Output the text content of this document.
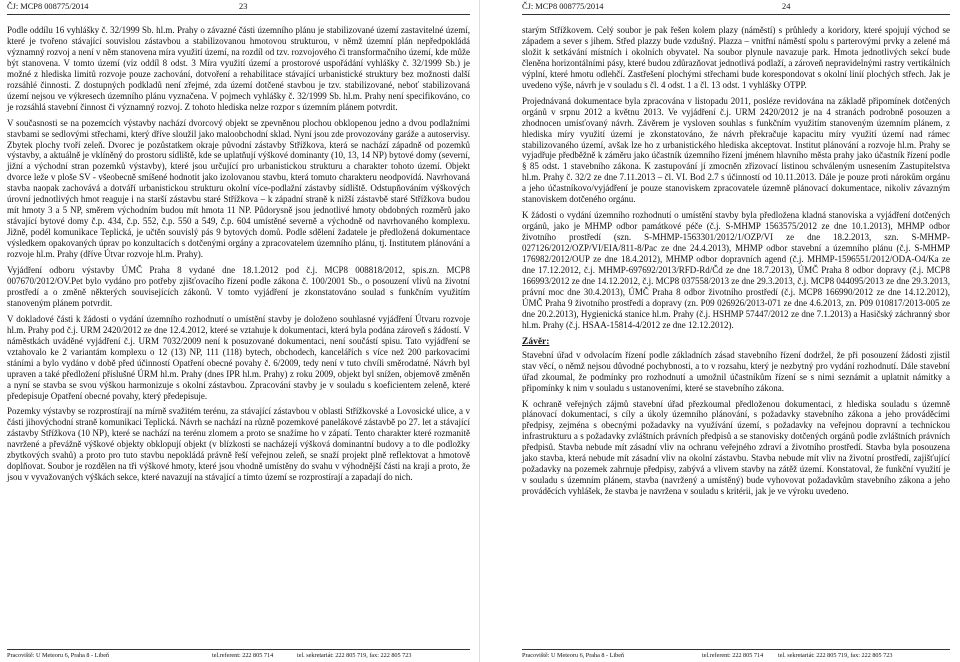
ČJ: MCP8 008775/2014	23

Podle oddílu 16 vyhlášky č. 32/1999 Sb. hl.m. Prahy o závazné části územního plánu je stabilizované území zastavitelné území, které je tvořeno stávající souvislou zástavbou a stabilizovanou hmotovou strukturou, v němž územní plán nepředpokládá významný rozvoj a není v něm stanovena míra využití území, na rozdíl od tzv. rozvojového či transformačního území, kde může být stanovena. V tomto území (viz oddíl 8 odst. 3 Míra využití území a prostorové uspořádání vyhlášky č. 32/1999 Sb.) je možné z hlediska limitů rozvoje pouze zachování, dotvoření a rehabilitace stávající urbanistické struktury bez možnosti další rozsáhlé činnosti. Z dostupných podkladů není zřejmé, zda území dotčené stavbou je tzv. stabilizované, neboť stabilizovaná území nejsou ve výkresech územního plánu vyznačena. V pojmech vyhlášky č. 32/1999 Sb. hl.m. Prahy není specifikováno, co je rozsáhlá stavební činnost či významný rozvoj. Z tohoto hlediska nelze rozpor s územním plánem potvrdit.

V současnosti se na pozemcích výstavby nachází dvorcový objekt se zpevněnou plochou obklopenou jedno a dvou podlažními stavbami se sedlovými střechami, který dříve sloužil jako maloobchodní sklad. Nyní jsou zde provozovány garáže a autoservisy. Zbytek plochy tvoří zeleň. Dvorec je pozůstatkem okraje původní zástavby Střížkova, která se nachází západně od pozemků výstavby, a aktuálně je vklíněný do prostoru sídliště, kde se uplatňují výškové dominanty (10, 13, 14 NP) bytové domy (severní, jižní a východní stran pozemků výstavby), které jsou určující pro urbanistickou strukturu a charakter tohoto území. Objekt dvorce leže v ploše SV - všeobecně smíšené hodnotit jako izolovanou stavbu, která tomuto charakteru neodpovídá. Navrhovaná stavba naopak zachovává a dotváří urbanistickou strukturu okolní více-podlažní zástavby sídliště. Odstupňováním výškových úrovní jednotlivých hmot reaguje i na starší zástavbu staré Střížkova – k západní straně k nižší zástavbě staré Střížkova budou mít hmoty 3 a 5 NP, směrem východním budou mít hmota 11 NP. Půdorysně jsou jednotlivé hmoty obdobných rozměrů jako stávající bytové domy č.p. 434, č.p. 552, č.p. 550 a 549, č.p. 604 umístěné severně a východně od navrhovaného komplexu. Jižně, podél komunikace Teplická, je učtěn souvislý pás 9 bytových domů. Podle sdělení žadatele je předložená dokumentace výsledkem opakovaných úprav po konzultacích s dotčenými orgány a zpracovatelem územního plánu, tj. Institutem plánování a rozvoje hl.m. Prahy (dříve Útvar rozvoje hl.m. Prahy).

Vyjádření odboru výstavby ÚMČ Praha 8 vydané dne 18.1.2012 pod č.j. MCP8 008818/2012, spis.zn. MCP8 007670/2012/OV.Pet bylo vydáno pro potřeby zjišťovacího řízení podle zákona č. 100/2001 Sb., o posouzení vlivů na životní prostředí a o změně některých souvisejících zákonů. V tomto vyjádření je zkonstatováno soulad s funkčním využitím stanoveným plánem potvrdit.

V dokladové části k žádosti o vydání územního rozhodnutí o umístění stavby je doloženo souhlasné vyjádření Útvaru rozvoje hl.m. Prahy pod č.j. URM 2420/2012 ze dne 12.4.2012, které se vztahuje k dokumentaci, která byla podána zároveň s žádostí. V náměstkách uváděné vyjádření č.j. URM 7032/2009 není k posuzované dokumentaci, není součástí spisu. Tato vyjádření se vztahovalo ke 2 variantám komplexu o 12 (13) NP, 111 (118) bytech, obchodech, kancelářích s více než 200 parkovacími stáními a bylo vydáno v době před účinností Opatření obecné povahy č. 6/2009, tedy není v tuto chvíli směrodatné. Návrh byl upraven a také předložení příslušné ÚRM hl.m. Prahy (dnes IPR hl.m. Prahy) z roku 2009, objekt byl snížen, objemově změněn a nyní se stavba se svou výškou harmonizuje s okolní zástavbou. Zpracování stavby je v souladu s koeficientem zeleně, které předepisuje Opatření obecné povahy, který předepisuje.

Pozemky výstavby se rozprostírají na mírně svažitém terénu, za stávající zástavbou v oblasti Střížkovské a Lovosické ulice, a v části jihovýchodní straně komunikaci Teplická. Návrh se nachází na různě pozemkové panelákové zástavbě po 27. let a stávající zástavby Střížkova (10 NP), které se nachází na terénu zlomem a proto se snažíme ho v zápatí. Tento charakter které rozmanitě navržené a převážně výškové objekty obklopují objekt (v blízkosti se nacházejí výšková dominantní budovy a to dle podložky zbytkových svahů) a proto pro tuto stavbu nepokládá právně řeší veřejnou zeleň, se snaží projekt plně reflektovat a hmotově doplňovat. Soubor je rozdělen na tři výškové hmoty, které jsou vhodně umístěny do svahu v výhodnější části na kraji a proto, že jsou v vyvažovaných výškách sekce, které navazují na stávající a tímto území se rozprostírají a zapadají do nich.

Pracoviště: U Meteoru 6, Praha 8 - Libeň	tel.referent: 222 805 714	tel. sekretariát: 222 805 719, fax: 222 805 723
ČJ: MCP8 008775/2014	24

starým Střížkovem. Celý soubor je pak řešen kolem plazy (náměstí) s průhledy a koridory, které spojují východ se západem a sever s jihem. Střed plazzy bude vzdušný. Plazza – vnitřní náměstí spolu s parterovými prvky a zelené má složit k setkávání místních i okolních obyvatel. Na soubor plynule navazuje park. Hmota jednotlivých sekcí bude členěna horizontálními pásy, které budou zdůrazňovat jednotlivá podlaží, a zároveň nepravidelnými rastry vertikálních výplní, které hmotu odlehčí. Zastřešení plochými střechami bude korespondovat s okolní linií plochých střech. Jak je uvedeno výše, návrh je v souladu s čl. 4 odst. 1 a čl. 13 odst. 1 vyhlášky OTPP.

Projednávaná dokumentace byla zpracována v listopadu 2011, posléze revidována na základě připomínek dotčených orgánů v srpnu 2012 a květnu 2013. Ve vyjádření č.j. URM 2420/2012 je na 4 stranách podrobně posouzen a zhodnocen umísťovaný návrh. Závěrem je vysloven souhlas s funkčním využitím stanoveným územním plánem, z hlediska míry využití území je zkonstatováno, že návrh překračuje kapacitu míry využití území nad rámec stabilizovaného území, avšak lze ho z urbanistického hlediska akceptovat. Institut plánování a rozvoje hl.m. Prahy se vyjadřuje předběžně k záměru jako účastník územního řízení jménem hlavního města prahy jako účastník řízení podle § 85 odst. 1 stavebního zákona. K zastupování jí zmocněn zřizovací listinou schváleným usnesením Zastupitelstva hl.m. Prahy č. 32/2 ze dne 7.11.2013 – čl. VI. Bod 2.7 s účinností od 10.11.2013. Dále je pouze proti nárokům orgánu a jeho účastníkovo/vyjádření je pouze stanoviskem zpracovatele územně plánovací dokumentace, nikoliv závazným stanoviskem dotčeného orgánu.

K žádosti o vydání územního rozhodnutí o umístění stavby byla předložena kladná stanoviska a vyjádření dotčených orgánů, jako je MHMP odbor památkové péče (č.j. S-MHMP 1563575/2012 ze dne 10.1.2013), MHMP odbor životního prostředí (szn. S-MHMP-1563301/2012/1/OZP/VI ze dne 18.2.2013, szn. S-MHMP-027126/2012/OZP/VI/EIA/811-8/Pac ze dne 24.4.2013), MHMP odbor stavební a územního plánu (č.j. S-MHMP 176982/2012/OUP ze dne 18.4.2012), MHMP odbor dopravních agend (č.j. MHMP-1596551/2012/ODA-O4/Ka ze dne 17.12.2012, č.j. MHMP-697692/2013/RFD-Rd/Čd ze dne 18.7.2013), ÚMČ Praha 8 odbor dopravy (č.j. MCP8 166993/2012 ze dne 14.12.2012, č.j. MCP8 037558/2013 ze dne 29.3.2013, č.j. MCP8 044095/2013 ze dne 29.3.2013, právní moc dne 30.4.2013), ÚMČ Praha 8 odbor životního prostředí (č.j. MCP8 166990/2012 ze dne 14.12.2012), ÚMČ Praha 9 životního prostředí a dopravy (zn. P09 026926/2013-071 ze dne 4.6.2013, zn. P09 010817/2013-005 ze dne 20.2.2013), Hygienická stanice hl.m. Prahy (č.j. HSHMP 57447/2012 ze dne 7.1.2013) a Hasičský záchranný sbor hl.m. Prahy (č.j. HSAA-15814-4/2012 ze dne 12.12.2012).

Závěr:

Stavební úřad v odvolacím řízení podle základních zásad stavebního řízení dodržel, že při posouzení žádosti zjistil stav věcí, o němž nejsou důvodné pochybnosti, a to v rozsahu, který je nezbytný pro vydání rozhodnutí. Dále stavební úřad zkoumal, že podmínky pro rozhodnutí a umožnil účastníkům řízení se s nimi seznámit a uplatnit námitky a připomínky k nim v souladu s ustanoveními, které se stavebního zákona.

K ochraně veřejných zájmů stavební úřad přezkoumal předloženou dokumentaci, z hlediska souladu s územně plánovací dokumentací, s cíly a úkoly územního plánování, s požadavky stavebního zákona a jeho prováděcími předpisy, zejména s obecnými požadavky na využívání území, s požadavky na veřejnou dopravní a technickou infrastrukturu a s požadavky zvláštních právních předpisů a se stanovisky dotčených orgánů podle zvláštních právních předpisů. Stavba nebude mít zásadní vliv na ochranu veřejného zdraví a životního prostředí. Stavba byla posouzena jako stavba, která nebude mít zásadní vliv na okolní zástavbu. Stavba nebude mít vliv na životní prostředí, zajišťující požadavky na pozemek zahrnuje předpisy, zabývá a vlivem stavby na zátěž území. Konstatoval, že funkční využití je v souladu s územním plánem, stavba (navržený a umístěný) bude vyhovovat požadavkům stavebního zákona a jeho prováděcích vyhlášek, že stavba je navržena v souladu s kritérii, jak je ve výroku uvedeno.

Pracoviště: U Meteoru 6, Praha 8 - Libeň	tel.referent: 222 805 714 tel. sekretariát: 222 805 719, fax: 222 805 723
